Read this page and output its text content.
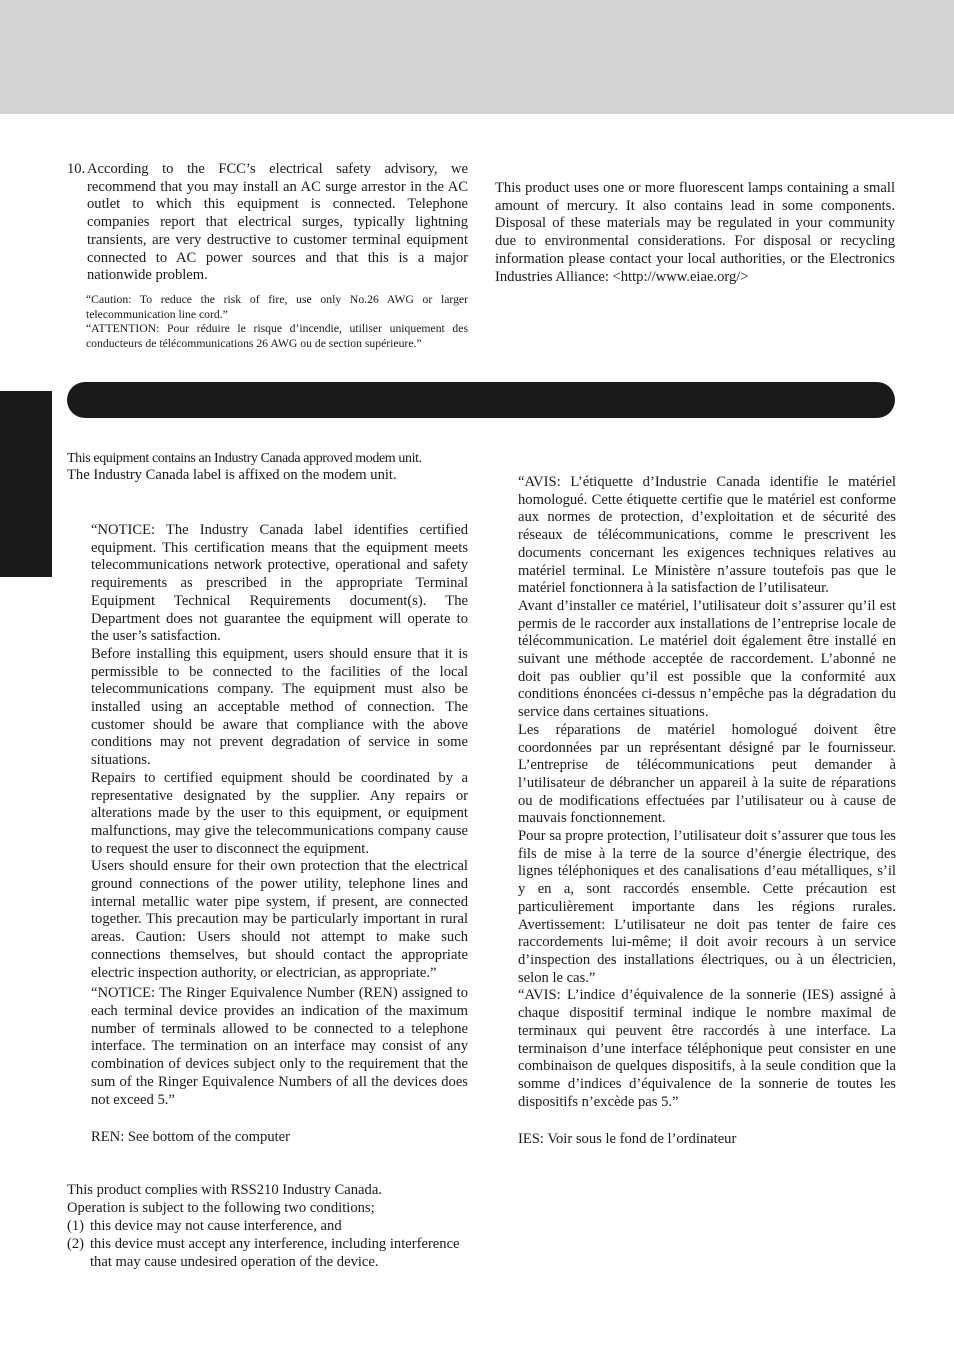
10. According to the FCC’s electrical safety advisory, we recommend that you may install an AC surge arrestor in the AC outlet to which this equipment is connected. Telephone companies report that electrical surges, typically lightning transients, are very destructive to customer terminal equipment connected to AC power sources and that this is a major nationwide problem.

“Caution: To reduce the risk of fire, use only No.26 AWG or larger telecommunication line cord.”

“ATTENTION: Pour réduire le risque d’incendie, utiliser uniquement des conducteurs de télécommunications 26 AWG ou de section supérieure.”

This product uses one or more fluorescent lamps containing a small amount of mercury. It also contains lead in some components. Disposal of these materials may be regulated in your community due to environmental considerations. For disposal or recycling information please contact your local authorities, or the Electronics Industries Alliance: <http://www.eiae.org/>

This equipment contains an Industry Canada approved modem unit.

The Industry Canada label is affixed on the modem unit.

“NOTICE: The Industry Canada label identifies certified equipment. This certification means that the equipment meets telecommunications network protective, operational and safety requirements as prescribed in the appropriate Terminal Equipment Technical Requirements document(s). The Department does not guarantee the equipment will operate to the user’s satisfaction.

Before installing this equipment, users should ensure that it is permissible to be connected to the facilities of the local telecommunications company. The equipment must also be installed using an acceptable method of connection. The customer should be aware that compliance with the above conditions may not prevent degradation of service in some situations.

Repairs to certified equipment should be coordinated by a representative designated by the supplier. Any repairs or alterations made by the user to this equipment, or equipment malfunctions, may give the telecommunications company cause to request the user to disconnect the equipment.

Users should ensure for their own protection that the electrical ground connections of the power utility, telephone lines and internal metallic water pipe system, if present, are connected together. This precaution may be particularly important in rural areas. Caution: Users should not attempt to make such connections themselves, but should contact the appropriate electric inspection authority, or electrician, as appropriate.”

“NOTICE: The Ringer Equivalence Number (REN) assigned to each terminal device provides an indication of the maximum number of terminals allowed to be connected to a telephone interface. The termination on an interface may consist of any combination of devices subject only to the requirement that the sum of the Ringer Equivalence Numbers of all the devices does not exceed 5.”

REN: See bottom of the computer

“AVIS: L’étiquette d’Industrie Canada identifie le matériel homologué. Cette étiquette certifie que le matériel est conforme aux normes de protection, d’exploitation et de sécurité des réseaux de télécommunications, comme le prescrivent les documents concernant les exigences techniques relatives au matériel terminal. Le Ministère n’assure toutefois pas que le matériel fonctionnera à la satisfaction de l’utilisateur.

Avant d’installer ce matériel, l’utilisateur doit s’assurer qu’il est permis de le raccorder aux installations de l’entreprise locale de télécommunication. Le matériel doit également être installé en suivant une méthode acceptée de raccordement. L’abonné ne doit pas oublier qu’il est possible que la conformité aux conditions énoncées ci-dessus n’empêche pas la dégradation du service dans certaines situations.

Les réparations de matériel homologué doivent être coordonnées par un représentant désigné par le fournisseur. L’entreprise de télécommunications peut demander à l’utilisateur de débrancher un appareil à la suite de réparations ou de modifications effectuées par l’utilisateur ou à cause de mauvais fonctionnement.

Pour sa propre protection, l’utilisateur doit s’assurer que tous les fils de mise à la terre de la source d’énergie électrique, des lignes téléphoniques et des canalisations d’eau métalliques, s’il y en a, sont raccordés ensemble. Cette précaution est particulièrement importante dans les régions rurales. Avertissement: L’utilisateur ne doit pas tenter de faire ces raccordements lui-même; il doit avoir recours à un service d’inspection des installations électriques, ou à un électricien, selon le cas.”

“AVIS: L’indice d’équivalence de la sonnerie (IES) assigné à chaque dispositif terminal indique le nombre maximal de terminaux qui peuvent être raccordés à une interface. La terminaison d’une interface téléphonique peut consister en une combinaison de quelques dispositifs, à la seule condition que la somme d’indices d’équivalence de la sonnerie de toutes les dispositifs n’excède pas 5.”

IES: Voir sous le fond de l’ordinateur

This product complies with RSS210 Industry Canada.

Operation is subject to the following two conditions;

(1) this device may not cause interference, and
(2) this device must accept any interference, including interference that may cause undesired operation of the device.
